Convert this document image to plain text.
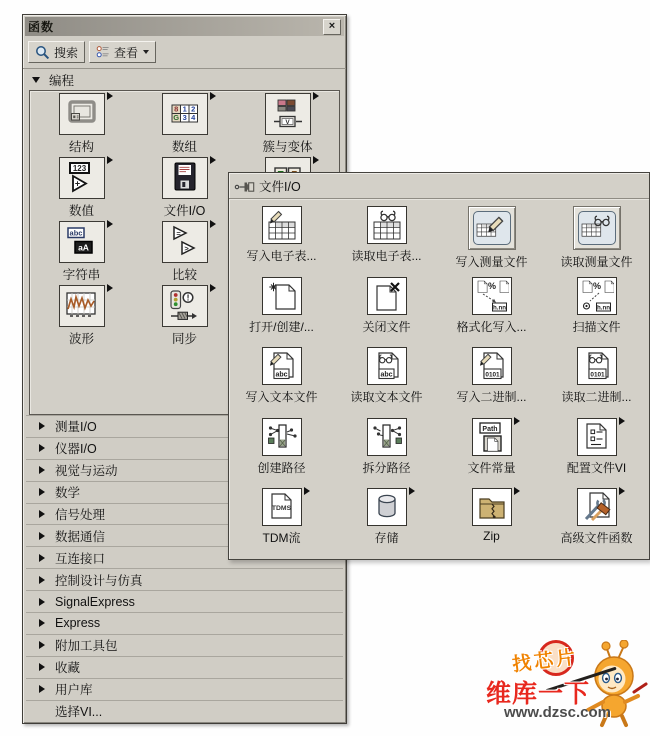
函数	×
搜索	查看
编程
结构
8 1 2
G 3 4
数组
V
簇与变体
123
+
数值	文件I/O
abc
aA
字符串
=
>
比较
波形
!
同步
测量I/O
仪器I/O
视觉与运动
数学
信号处理
数据通信
互连接口
控制设计与仿真
SignalExpress
Express
附加工具包
收藏
用户库
选择VI...
文件I/O
写入电子表...	读取电子表...	写入测量文件	读取测量文件
打开/创建/...	关闭文件
%
h.nn
格式化写入...
%
h.nn
扫描文件
abc
写入文本文件
abc
读取文本文件
0101
写入二进制...
0101
读取二进制...
创建路径	拆分路径
Path
文件常量	配置文件VI
TDMS
TDM流	存储	Zip	高级文件函数
找芯片
维库一下
www.dzsc.com
